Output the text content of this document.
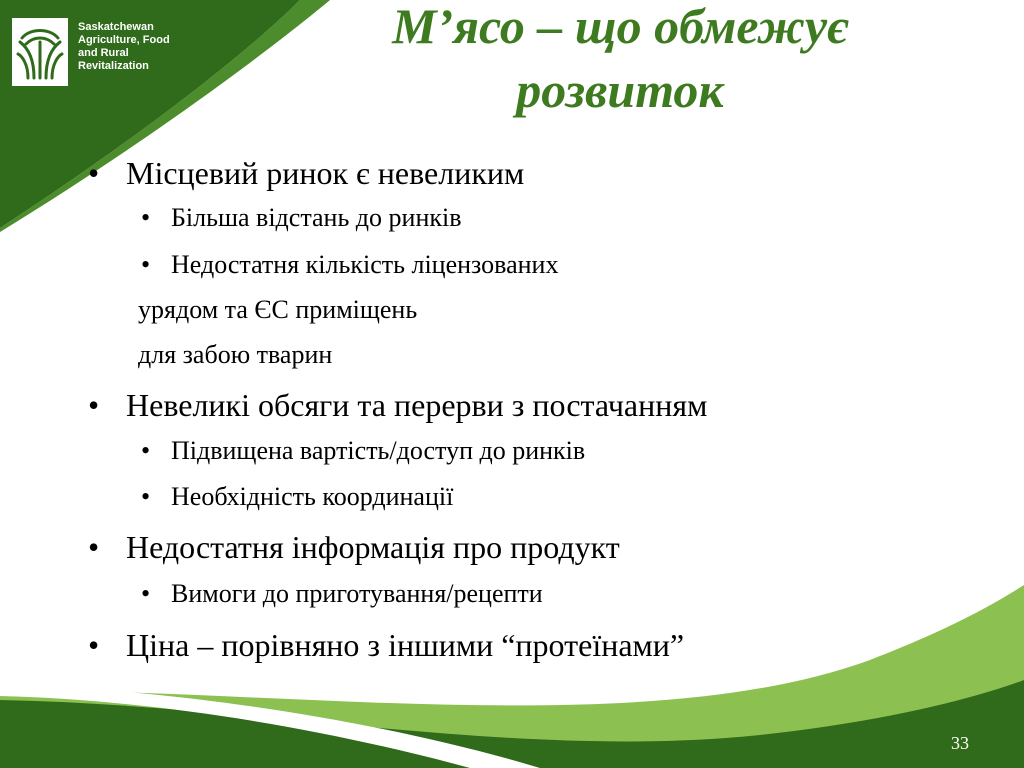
Saskatchewan
Agriculture, Food
and Rural
Revitalization
М’ясо – що обмежує
розвиток
• Місцевий ринок є невеликим
• Більша відстань до ринків
• Недостатня кількість ліцензованих
урядом та ЄС приміщень
для забою тварин
• Невеликі обсяги та перерви з постачанням
• Підвищена вартість/доступ до ринків
• Необхідність координації
• Недостатня інформація про продукт
• Вимоги до приготування/рецепти
• Ціна – порівняно з іншими “протеїнами”
33
